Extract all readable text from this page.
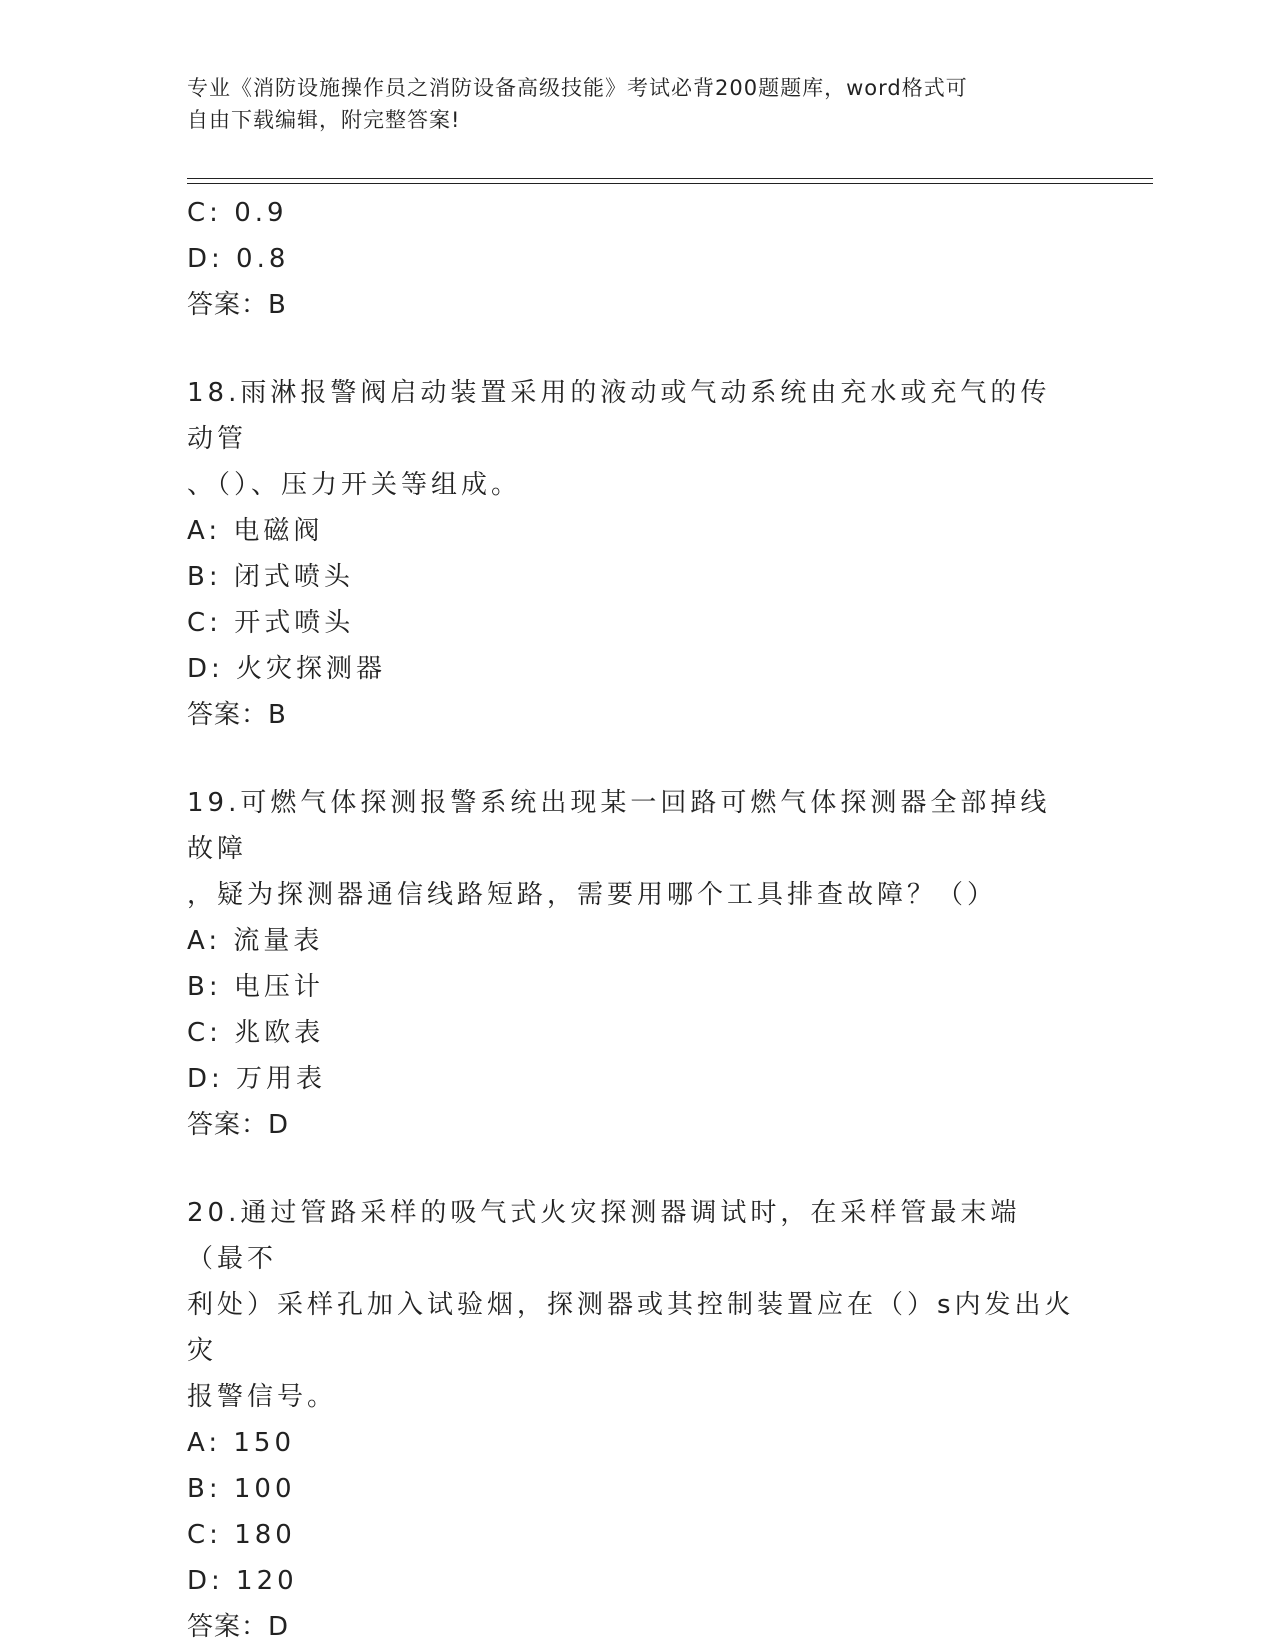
专业《消防设施操作员之消防设备高级技能》考试必背200题题库，word格式可
自由下载编辑，附完整答案!
C: 0.9
D: 0.8
答案：B
18.雨淋报警阀启动装置采用的液动或气动系统由充水或充气的传动管
、（）、压力开关等组成。
A: 电磁阀
B: 闭式喷头
C: 开式喷头
D: 火灾探测器
答案：B
19.可燃气体探测报警系统出现某一回路可燃气体探测器全部掉线故障
，疑为探测器通信线路短路，需要用哪个工具排查故障？（）
A: 流量表
B: 电压计
C: 兆欧表
D: 万用表
答案：D
20.通过管路采样的吸气式火灾探测器调试时，在采样管最末端（最不
利处）采样孔加入试验烟，探测器或其控制装置应在（）s内发出火灾
报警信号。
A: 150
B: 100
C: 180
D: 120
答案：D
